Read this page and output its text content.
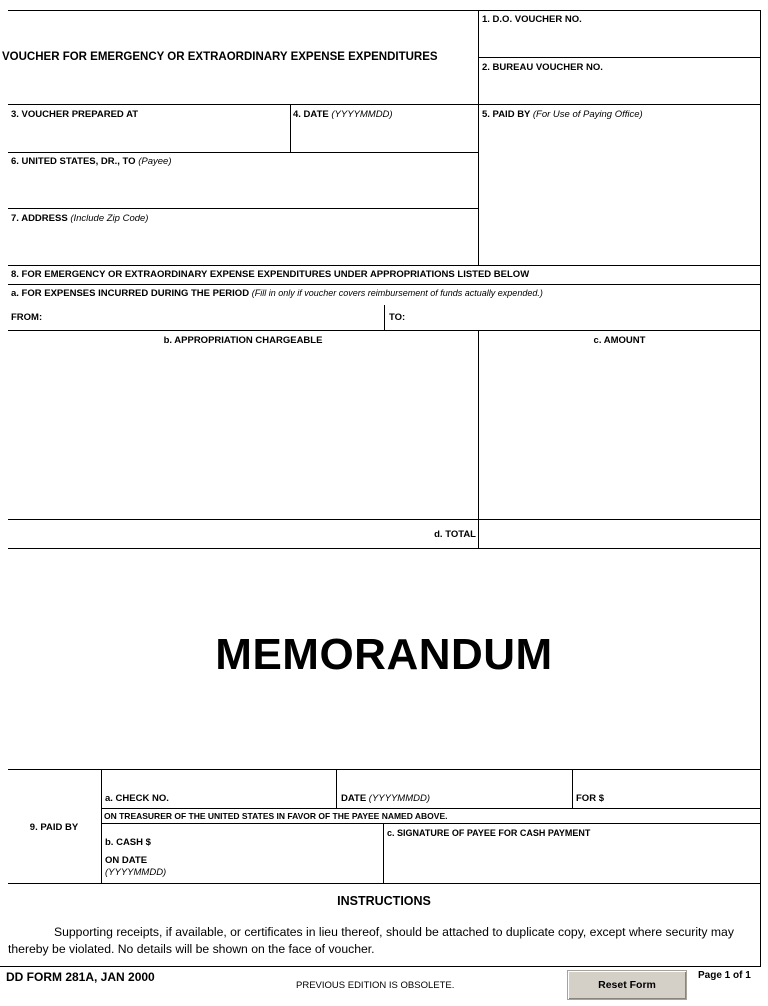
VOUCHER FOR EMERGENCY OR EXTRAORDINARY EXPENSE EXPENDITURES
1. D.O. VOUCHER NO.
2. BUREAU VOUCHER NO.
3. VOUCHER PREPARED AT	4. DATE (YYYYMMDD)	5. PAID BY (For Use of Paying Office)
6. UNITED STATES, DR., TO (Payee)
7. ADDRESS (Include Zip Code)
8. FOR EMERGENCY OR EXTRAORDINARY EXPENSE EXPENDITURES UNDER APPROPRIATIONS LISTED BELOW
a. FOR EXPENSES INCURRED DURING THE PERIOD (Fill in only if voucher covers reimbursement of funds actually expended.)
FROM:	TO:
b. APPROPRIATION CHARGEABLE	c. AMOUNT
d. TOTAL
MEMORANDUM
9. PAID BY
a. CHECK NO.	DATE (YYYYMMDD)	FOR $
ON TREASURER OF THE UNITED STATES IN FAVOR OF THE PAYEE NAMED ABOVE.
b. CASH $
ON DATE
(YYYYMMDD)
c. SIGNATURE OF PAYEE FOR CASH PAYMENT
INSTRUCTIONS
Supporting receipts, if available, or certificates in lieu thereof, should be attached to duplicate copy, except where security may thereby be violated. No details will be shown on the face of voucher.
DD FORM 281A, JAN 2000
PREVIOUS EDITION IS OBSOLETE.	Reset Form
Page 1 of 1
